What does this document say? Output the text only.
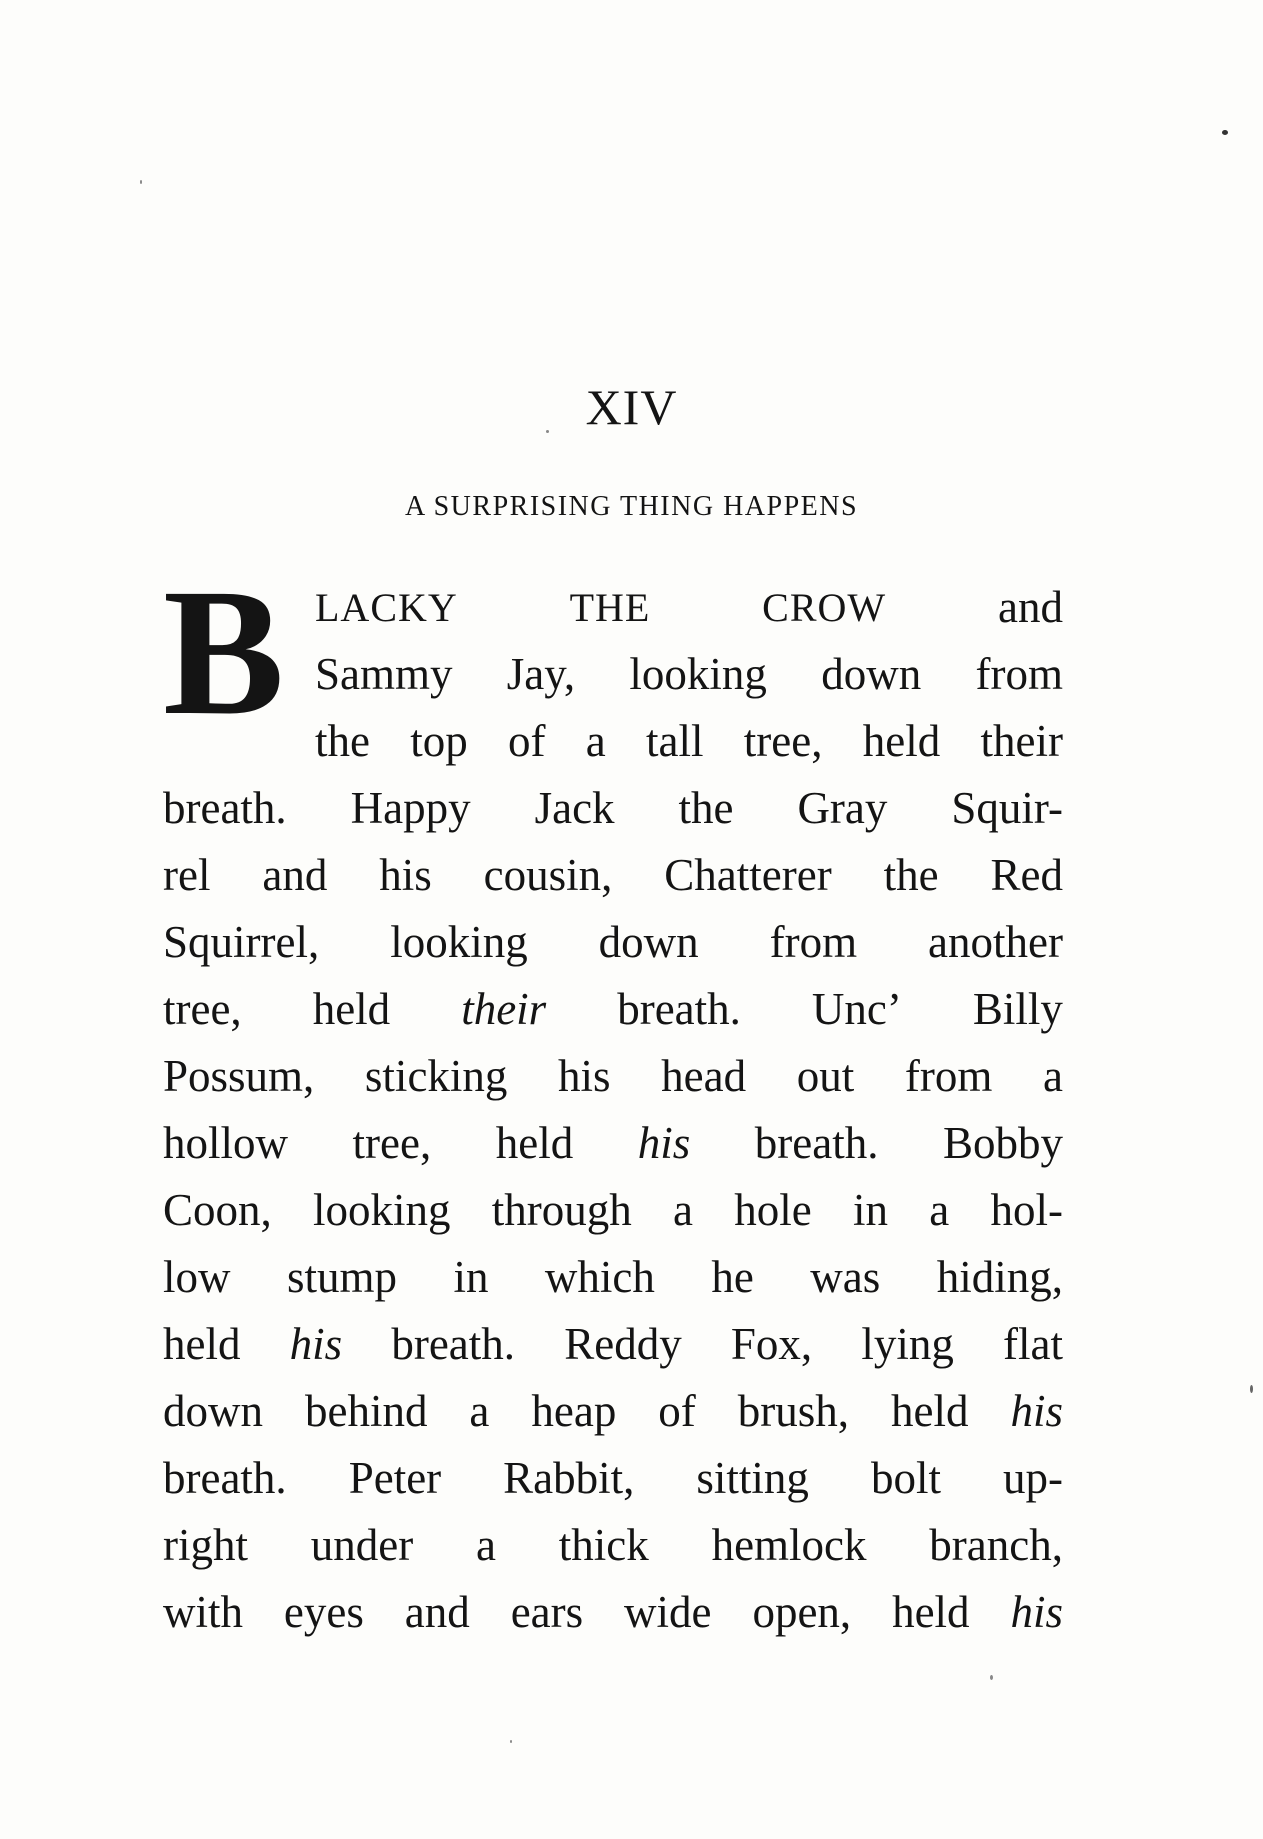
XIV
A SURPRISING THING HAPPENS
B LACKY	THE	CROW and
Sammy Jay, looking down from
the top of a tall tree, held their
breath. Happy Jack the Gray Squir-
rel and his cousin, Chatterer the Red
Squirrel, looking down from another
tree, held their breath. Unc’ Billy
Possum, sticking his head out from a
hollow tree, held his breath. Bobby
Coon, looking through a hole in a hol-
low stump in which he was hiding,
held his breath. Reddy Fox, lying flat
down behind a heap of brush, held his
breath. Peter Rabbit, sitting bolt up-
right under a thick hemlock branch,
with eyes and ears wide open, held his
